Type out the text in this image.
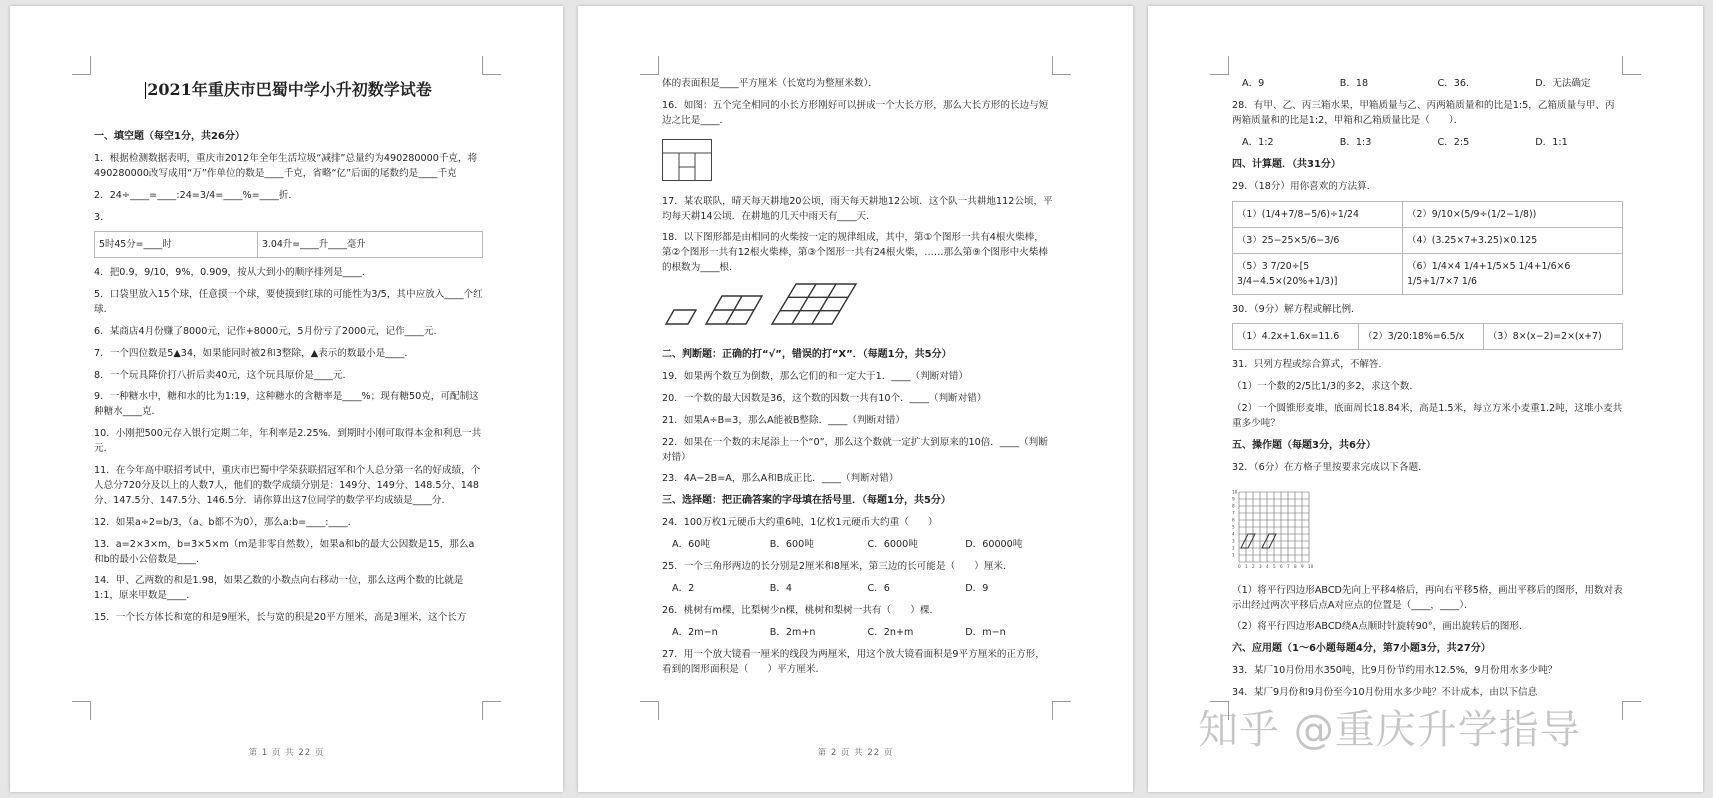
2021年重庆市巴蜀中学小升初数学试卷

一、填空题（每空1分，共26分）

1．根据检测数据表明，重庆市2012年全年生活垃圾“减排”总量约为490280000千克，将490280000改写成用“万”作单位的数是____千克，省略“亿”后面的尾数约是____千克

2．24÷____=____:24=3/4=____%=____折．

3．

5时45分=____时	3.04升=____升____毫升

4．把0.9，9/10，9%，0.909，按从大到小的顺序排列是____．

5．口袋里放入15个球，任意摸一个球，要使摸到红球的可能性为3/5，其中应放入____个红球．

6．某商店4月份赚了8000元，记作+8000元，5月份亏了2000元，记作____元．

7．一个四位数是5▲34，如果能同时被2和3整除，▲表示的数最小是____．

8．一个玩具降价打八折后卖40元，这个玩具原价是____元．

9．一种糖水中，糖和水的比为1:19，这种糖水的含糖率是____%；现有糖50克，可配制这种糖水____克．

10．小刚把500元存入银行定期二年，年利率是2.25%．到期时小刚可取得本金和利息一共元．

11．在今年高中联招考试中，重庆市巴蜀中学荣获联招冠军和个人总分第一名的好成绩，个人总分720分及以上的人数7人，他们的数学成绩分别是：149分、149分、148.5分、148分、147.5分、147.5分、146.5分．请你算出这7位同学的数学平均成绩是____分．

12．如果a÷2=b/3，（a、b都不为0），那么a:b=____:____．

13．a=2×3×m，b=3×5×m（m是非零自然数），如果a和b的最大公因数是15，那么a和b的最小公倍数是____．

14．甲、乙两数的和是1.98，如果乙数的小数点向右移动一位，那么这两个数的比就是1:1，原来甲数是____．

15．一个长方体长和宽的和是9厘米，长与宽的积是20平方厘米，高是3厘米，这个长方

第 1 页 共 22 页

体的表面积是____平方厘米（长宽均为整厘米数）．

16．如图：五个完全相同的小长方形刚好可以拼成一个大长方形，那么大长方形的长边与短边之比是____．

17．某农联队，晴天每天耕地20公顷，雨天每天耕地12公顷．这个队一共耕地112公顷，平均每天耕14公顷．在耕地的几天中雨天有____天．

18．以下图形都是由相同的火柴按一定的规律组成，其中，第①个图形一共有4根火柴棒，第②个图形一共有12根火柴棒，第③个图形一共有24根火柴，……那么第⑨个图形中火柴棒的根数为____根．

二、判断题：正确的打“√”，错误的打“X”．（每题1分，共5分）

19．如果两个数互为倒数，那么它们的和一定大于1．____（判断对错）

20．一个数的最大因数是36，这个数的因数一共有10个．____（判断对错）

21．如果A÷B=3，那么A能被B整除．____（判断对错）

22．如果在一个数的末尾添上一个“0”，那么这个数就一定扩大到原来的10倍．____（判断对错）

23．4A−2B=A，那么A和B成正比．____（判断对错）

三、选择题：把正确答案的字母填在括号里．（每题1分，共5分）

24．100万枚1元硬币大约重6吨，1亿枚1元硬币大约重（　　）

A．60吨	B．600吨	C．6000吨	D．60000吨

25．一个三角形两边的长分别是2厘米和8厘米，第三边的长可能是（　　）厘米．

A．2	B．4	C．6	D．9

26．桃树有m棵，比梨树少n棵，桃树和梨树一共有（　　）棵．

A．2m−n	B．2m+n	C．2n+m	D．m−n

27．用一个放大镜看一厘米的线段为两厘米，用这个放大镜看面积是9平方厘米的正方形，看到的图形面积是（　　）平方厘米．

第 2 页 共 22 页
A．9	B．18	C．36．	D．无法确定

28．有甲、乙、丙三箱水果，甲箱质量与乙、丙两箱质量和的比是1:5，乙箱质量与甲、丙两箱质量和的比是1:2，甲箱和乙箱质量比是（　　）．

A．1:2	B．1:3	C．2:5	D．1:1

四、计算题．（共31分）

29．（18分）用你喜欢的方法算．

（1）(1/4+7/8−5/6)÷1/24	（2）9/10×(5/9÷(1/2−1/8))
（3）25−25×5/6−3/6	（4）(3.25×7+3.25)×0.125
（5）3 7/20÷[5 3/4−4.5×(20%+1/3)]	（6）1/4×4 1/4+1/5×5 1/4+1/6×6 1/5+1/7×7 1/6

30．（9分）解方程或解比例．

（1）4.2x+1.6x=11.6	（2）3/20:18%=6.5/x	（3）8×(x−2)=2×(x+7)

31．只列方程或综合算式，不解答．

（1）一个数的2/5比1/3的多2，求这个数．

（2）一个圆锥形麦堆，底面周长18.84米，高是1.5米，每立方米小麦重1.2吨，这堆小麦共重多少吨？

五、操作题（每题3分，共6分）

32．（6分）在方格子里按要求完成以下各题．

0 1
1
2
2
3
3
4
4
5
5
6
6
7
7
8
8
9
9
10
10

（1）将平行四边形ABCD先向上平移4格后，再向右平移5格，画出平移后的图形，用数对表示出经过两次平移后点A对应点的位置是（____，____）．

（2）将平行四边形ABCD绕A点顺时针旋转90°，画出旋转后的图形．

六、应用题（1～6小题每题4分，第7小题3分，共27分）

33．某厂10月份用水350吨，比9月份节约用水12.5%，9月份用水多少吨？

34．某厂9月份和9月份至今10月份用水多少吨？不计成本，由以下信息

知乎 @重庆升学指导
